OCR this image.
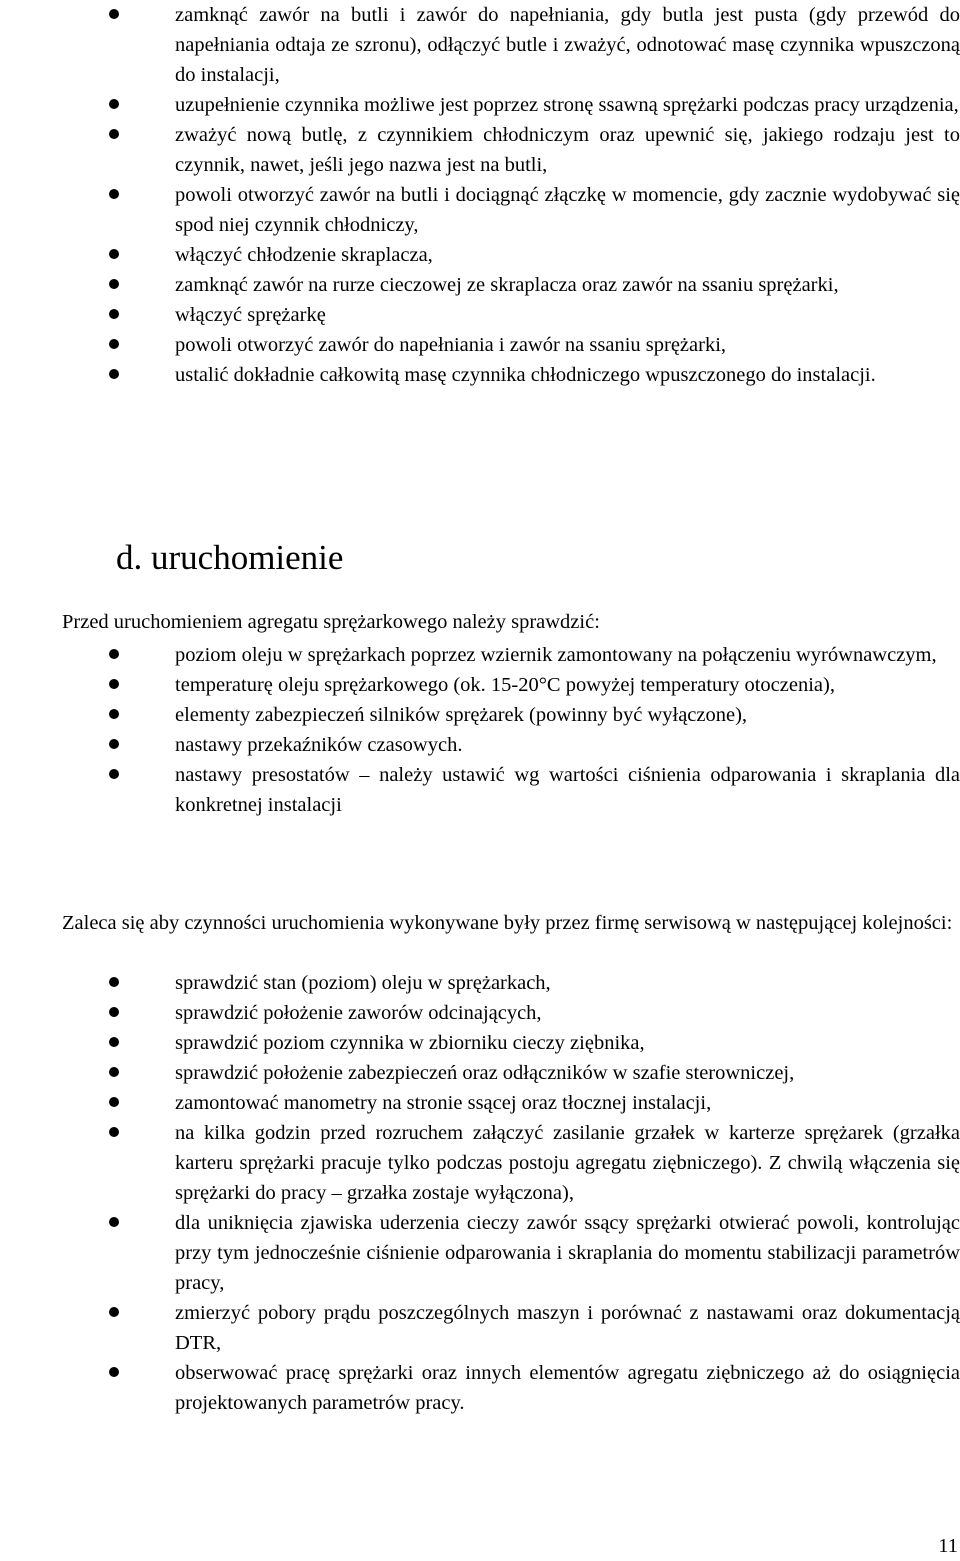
zamknąć zawór na butli i zawór do napełniania, gdy butla jest pusta (gdy przewód do napełniania odtaja ze szronu), odłączyć butle i zważyć, odnotować masę czynnika wpuszczoną do instalacji,
uzupełnienie czynnika możliwe jest poprzez stronę ssawną sprężarki podczas pracy urządzenia,
zważyć nową butlę, z czynnikiem chłodniczym oraz upewnić się, jakiego rodzaju jest to czynnik, nawet, jeśli jego nazwa jest na butli,
powoli otworzyć zawór na butli i dociągnąć złączkę w momencie, gdy zacznie wydobywać się spod niej czynnik chłodniczy,
włączyć chłodzenie skraplacza,
zamknąć zawór na rurze cieczowej ze skraplacza oraz zawór na ssaniu sprężarki,
włączyć sprężarkę
powoli otworzyć zawór do napełniania i zawór na ssaniu sprężarki,
ustalić dokładnie całkowitą masę czynnika chłodniczego wpuszczonego do instalacji.
d. uruchomienie

Przed uruchomieniem agregatu sprężarkowego należy sprawdzić:

poziom oleju w sprężarkach poprzez wziernik zamontowany na połączeniu wyrównawczym,
temperaturę oleju sprężarkowego (ok. 15-20°C powyżej temperatury otoczenia),
elementy zabezpieczeń silników sprężarek (powinny być wyłączone),
nastawy przekaźników czasowych.
nastawy presostatów – należy ustawić wg wartości ciśnienia odparowania i skraplania dla konkretnej instalacji

Zaleca się aby czynności uruchomienia wykonywane były przez firmę serwisową w następującej kolejności:

sprawdzić stan (poziom) oleju w sprężarkach,
sprawdzić położenie zaworów odcinających,
sprawdzić poziom czynnika w zbiorniku cieczy ziębnika,
sprawdzić położenie zabezpieczeń oraz odłączników w szafie sterowniczej,
zamontować manometry na stronie ssącej oraz tłocznej instalacji,
na kilka godzin przed rozruchem załączyć zasilanie grzałek w karterze sprężarek (grzałka karteru sprężarki pracuje tylko podczas postoju agregatu ziębniczego). Z chwilą włączenia się sprężarki do pracy – grzałka zostaje wyłączona),
dla uniknięcia zjawiska uderzenia cieczy zawór ssący sprężarki otwierać powoli, kontrolując przy tym jednocześnie ciśnienie odparowania i skraplania do momentu stabilizacji parametrów pracy,
zmierzyć pobory prądu poszczególnych maszyn i porównać z nastawami oraz dokumentacją DTR,
obserwować pracę sprężarki oraz innych elementów agregatu ziębniczego aż do osiągnięcia projektowanych parametrów pracy.

11
